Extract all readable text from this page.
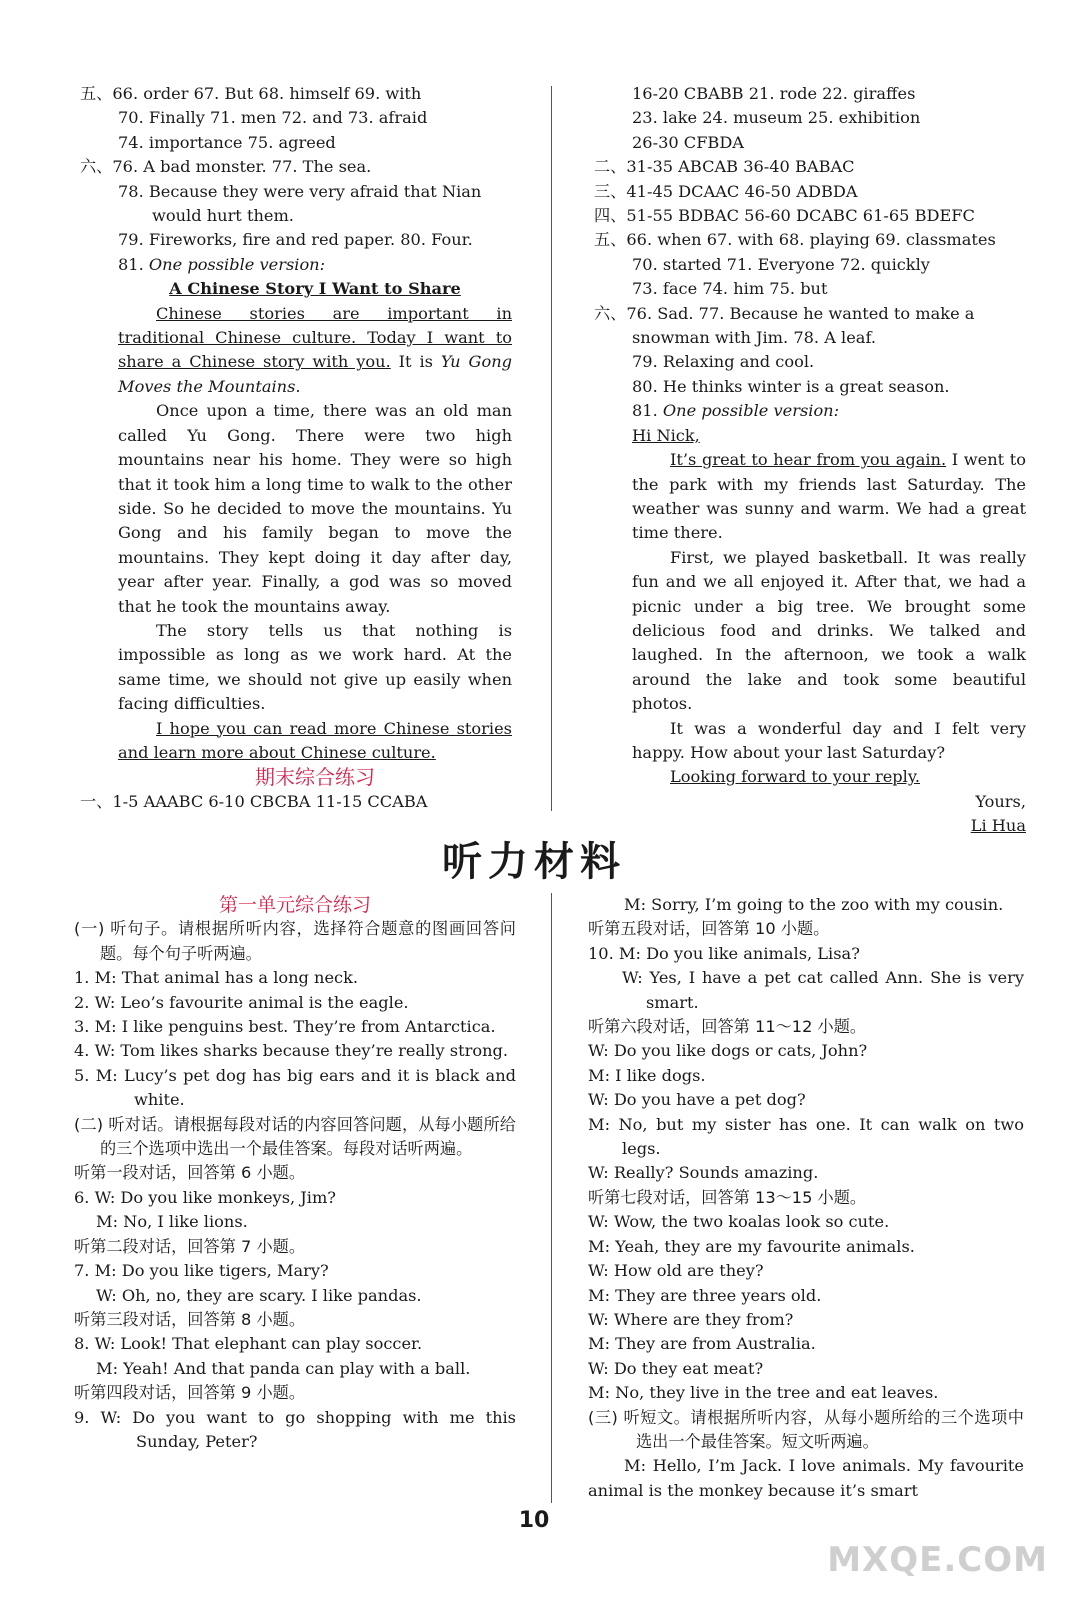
五、66. order 67. But 68. himself 69. with
70. Finally 71. men 72. and 73. afraid
74. importance 75. agreed
六、76. A bad monster. 77. The sea.
78. Because they were very afraid that Nian
would hurt them.
79. Fireworks, fire and red paper. 80. Four.
81. One possible version:
A Chinese Story I Want to Share
Chinese stories are important in traditional Chinese culture. Today I want to share a Chinese story with you. It is Yu Gong Moves the Mountains.
Once upon a time, there was an old man called Yu Gong. There were two high mountains near his home. They were so high that it took him a long time to walk to the other side. So he decided to move the mountains. Yu Gong and his family began to move the mountains. They kept doing it day after day, year after year. Finally, a god was so moved that he took the mountains away.
The story tells us that nothing is impossible as long as we work hard. At the same time, we should not give up easily when facing difficulties.
I hope you can read more Chinese stories and learn more about Chinese culture.
期末综合练习
一、1-5 AAABC 6-10 CBCBA 11-15 CCABA
16-20 CBABB 21. rode 22. giraffes
23. lake 24. museum 25. exhibition
26-30 CFBDA
二、31-35 ABCAB 36-40 BABAC
三、41-45 DCAAC 46-50 ADBDA
四、51-55 BDBAC 56-60 DCABC 61-65 BDEFC
五、66. when 67. with 68. playing 69. classmates
70. started 71. Everyone 72. quickly
73. face 74. him 75. but
六、76. Sad. 77. Because he wanted to make a
snowman with Jim. 78. A leaf.
79. Relaxing and cool.
80. He thinks winter is a great season.
81. One possible version:
Hi Nick,
It’s great to hear from you again. I went to the park with my friends last Saturday. The weather was sunny and warm. We had a great time there.
First, we played basketball. It was really fun and we all enjoyed it. After that, we had a picnic under a big tree. We brought some delicious food and drinks. We talked and laughed. In the afternoon, we took a walk around the lake and took some beautiful photos.
It was a wonderful day and I felt very happy. How about your last Saturday?
Looking forward to your reply.
Yours,
Li Hua
听力材料
第一单元综合练习
(一) 听句子。请根据所听内容，选择符合题意的图画回答问题。每个句子听两遍。
1. M: That animal has a long neck.
2. W: Leo’s favourite animal is the eagle.
3. M: I like penguins best. They’re from Antarctica.
4. W: Tom likes sharks because they’re really strong.
5. M: Lucy’s pet dog has big ears and it is black and white.
(二) 听对话。请根据每段对话的内容回答问题，从每小题所给的三个选项中选出一个最佳答案。每段对话听两遍。
听第一段对话，回答第 6 小题。
6. W: Do you like monkeys, Jim?
M: No, I like lions.
听第二段对话，回答第 7 小题。
7. M: Do you like tigers, Mary?
W: Oh, no, they are scary. I like pandas.
听第三段对话，回答第 8 小题。
8. W: Look! That elephant can play soccer.
M: Yeah! And that panda can play with a ball.
听第四段对话，回答第 9 小题。
9. W: Do you want to go shopping with me this Sunday, Peter?
M: Sorry, I’m going to the zoo with my cousin.
听第五段对话，回答第 10 小题。
10. M: Do you like animals, Lisa?
W: Yes, I have a pet cat called Ann. She is very smart.
听第六段对话，回答第 11～12 小题。
W: Do you like dogs or cats, John?
M: I like dogs.
W: Do you have a pet dog?
M: No, but my sister has one. It can walk on two legs.
W: Really? Sounds amazing.
听第七段对话，回答第 13～15 小题。
W: Wow, the two koalas look so cute.
M: Yeah, they are my favourite animals.
W: How old are they?
M: They are three years old.
W: Where are they from?
M: They are from Australia.
W: Do they eat meat?
M: No, they live in the tree and eat leaves.
(三) 听短文。请根据所听内容，从每小题所给的三个选项中选出一个最佳答案。短文听两遍。
M: Hello, I’m Jack. I love animals. My favourite animal is the monkey because it’s smart
10
MXQE.COM
